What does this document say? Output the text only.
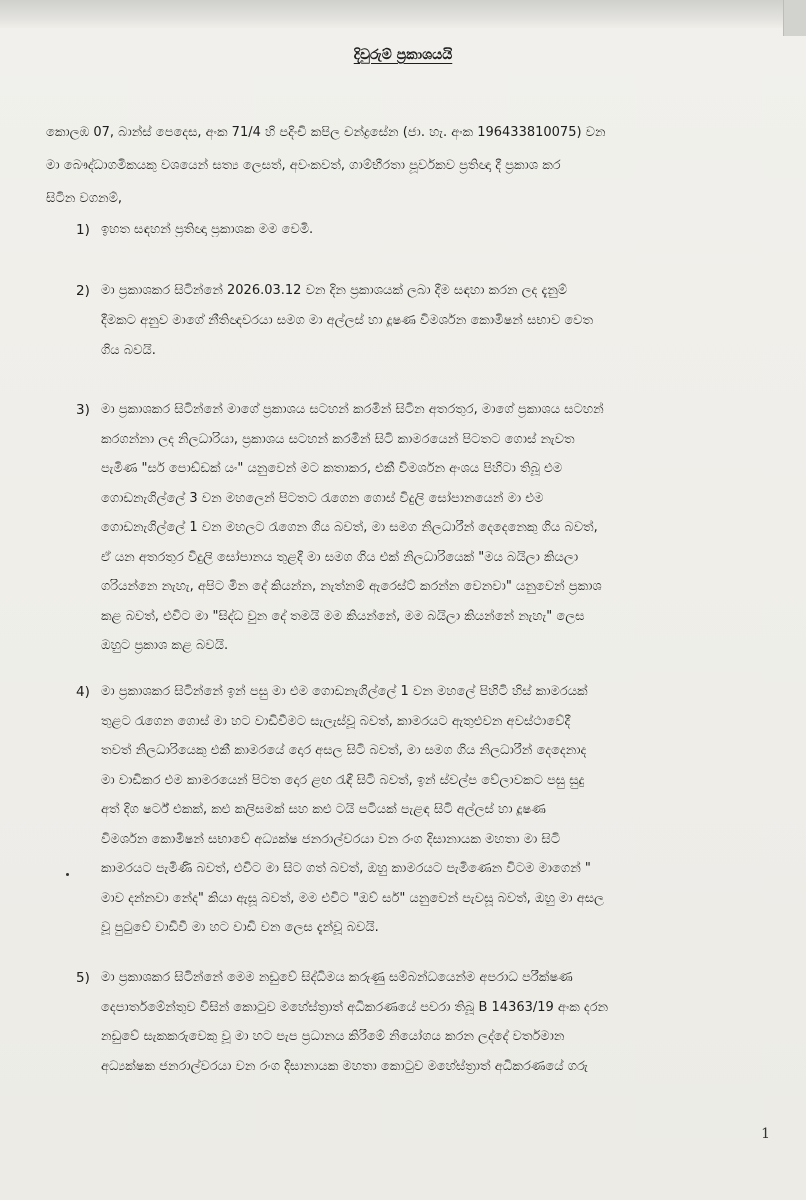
දිවුරුම් ප්‍රකාශයයි
කොලඹ 07, බාන්ස් පෙදෙස, අංක 71/4 හි පදිංචි කපිල චන්ද්‍රසේන (ජා. හැ. අංක 196433810075) වන
මා බෞද්ධාගමිකයකු වශයෙන් සත්‍ය ලෙසත්, අවංකවත්, ගාම්භීරතා පූර්වකව ප්‍රතිඥා දී ප්‍රකාශ කර
සිටින වගනම්,
1) ඉහත සඳහන් ප්‍රතිඥා ප්‍රකාශක මම වෙමි.
2) මා ප්‍රකාශකර සිටින්නේ 2026.03.12 වන දින ප්‍රකාශයක් ලබා දීම සඳහා කරන ලද දැනුම්
දීමකට අනුව මාගේ නීතිඥවරයා සමග මා අල්ලස් හා දූෂණ විමර්ශන කොමිෂන් සභාව වෙත
ගිය බවයි.
3) මා ප්‍රකාශකර සිටින්නේ මාගේ ප්‍රකාශය සටහන් කරමින් සිටින අතරතුර, මාගේ ප්‍රකාශය සටහන්
කරගන්නා ලද නිලධාරියා, ප්‍රකාශය සටහන් කරමින් සිටි කාමරයෙන් පිටතට ගොස් නැවත
පැමිණ "සර් පොඩ්ඩක් යං" යනුවෙන් මට කතාකර, එකී විමර්ශන අංශය පිහිටා තිබූ එම
ගොඩනැගිල්ලේ 3 වන මහලෙන් පිටතට රැගෙන ගොස් විදුලි සෝපානයෙන් මා එම
ගොඩනැගිල්ලේ 1 වන මහලට රැගෙන ගිය බවත්, මා සමග නිලධාරීන් දෙදෙනෙකු ගිය බවත්,
ඒ යන අතරතුර විදුලි සෝපානය තුළදී මා සමග ගිය එක් නිලධාරියෙක් "මය බයිලා කියලා
ගරියන්නෙ නැහැ, අපිට මින දේ කියන්න, නැත්නම් ඇරෙස්ට් කරන්න වෙනවා" යනුවෙන් ප්‍රකාශ
කළ බවත්, එවිට මා "සිද්ධ වුන දේ තමයි මම කියන්නේ, මම බයිලා කියන්නේ නැහැ" ලෙස
ඔහුට ප්‍රකාශ කළ බවයි.
4) මා ප්‍රකාශකර සිටින්නේ ඉන් පසු මා එම ගොඩනැගිල්ලේ 1 වන මහලේ පිහිටි හිස් කාමරයක්
තුළට රැගෙන ගොස් මා හට වාඩිවීමට සැලැස්වූ බවත්, කාමරයට ඇතුළුවන අවස්ථාවේදී
තවත් නිලධාරියෙකු එකී කාමරයේ දොර අසල සිටි බවත්, මා සමග ගිය නිලධාරීන් දෙදෙනාද
මා වාඩිකර එම කාමරයෙන් පිටත දොර ළඟ රැඳී සිටි බවත්, ඉන් ස්වල්ප වේලාවකට පසු සුදු
අත් දිග ෂර්ට් එකක්, කළු කලිසමක් සහ කළු ටයි පටියක් පැළඳ සිටි අල්ලස් හා දූෂණ
විමර්ශන කොමිෂන් සභාවේ අධ්‍යක්ෂ ජනරාල්වරයා වන රංග දිසානායක මහතා මා සිටි
කාමරයට පැමිණි බවත්, එවිට මා සිට ගත් බවත්, ඔහු කාමරයට පැමිණෙන විටම මාගෙන් "
මාව දන්නවා නේද" කියා ඇසූ බවත්, මම එවිට "ඔව් සර්" යනුවෙන් පැවසූ බවත්, ඔහු මා අසල
වූ පුටුවේ වාඩිවී මා හට වාඩි වන ලෙස දැන්වූ බවයි.
5) මා ප්‍රකාශකර සිටින්නේ මෙම නඩුවේ සිද්ධිමය කරුණු සම්බන්ධයෙන්ම අපරාධ පරීක්ෂණ
දෙපාර්තමේන්තුව විසින් කොටුව මහේස්ත්‍රාත් අධිකරණයේ පවරා තිබූ B 14363/19 අංක දරන
නඩුවේ සැකකරුවෙකු වූ මා හට පැප ප්‍රධානය කිරීමේ නියෝගය කරන ලද්දේ වර්තමාන
අධ්‍යක්ෂක ජනරාල්වරයා වන රංග දිසානායක මහතා කොටුව මහේස්ත්‍රාත් අධිකරණයේ ගරු
1
